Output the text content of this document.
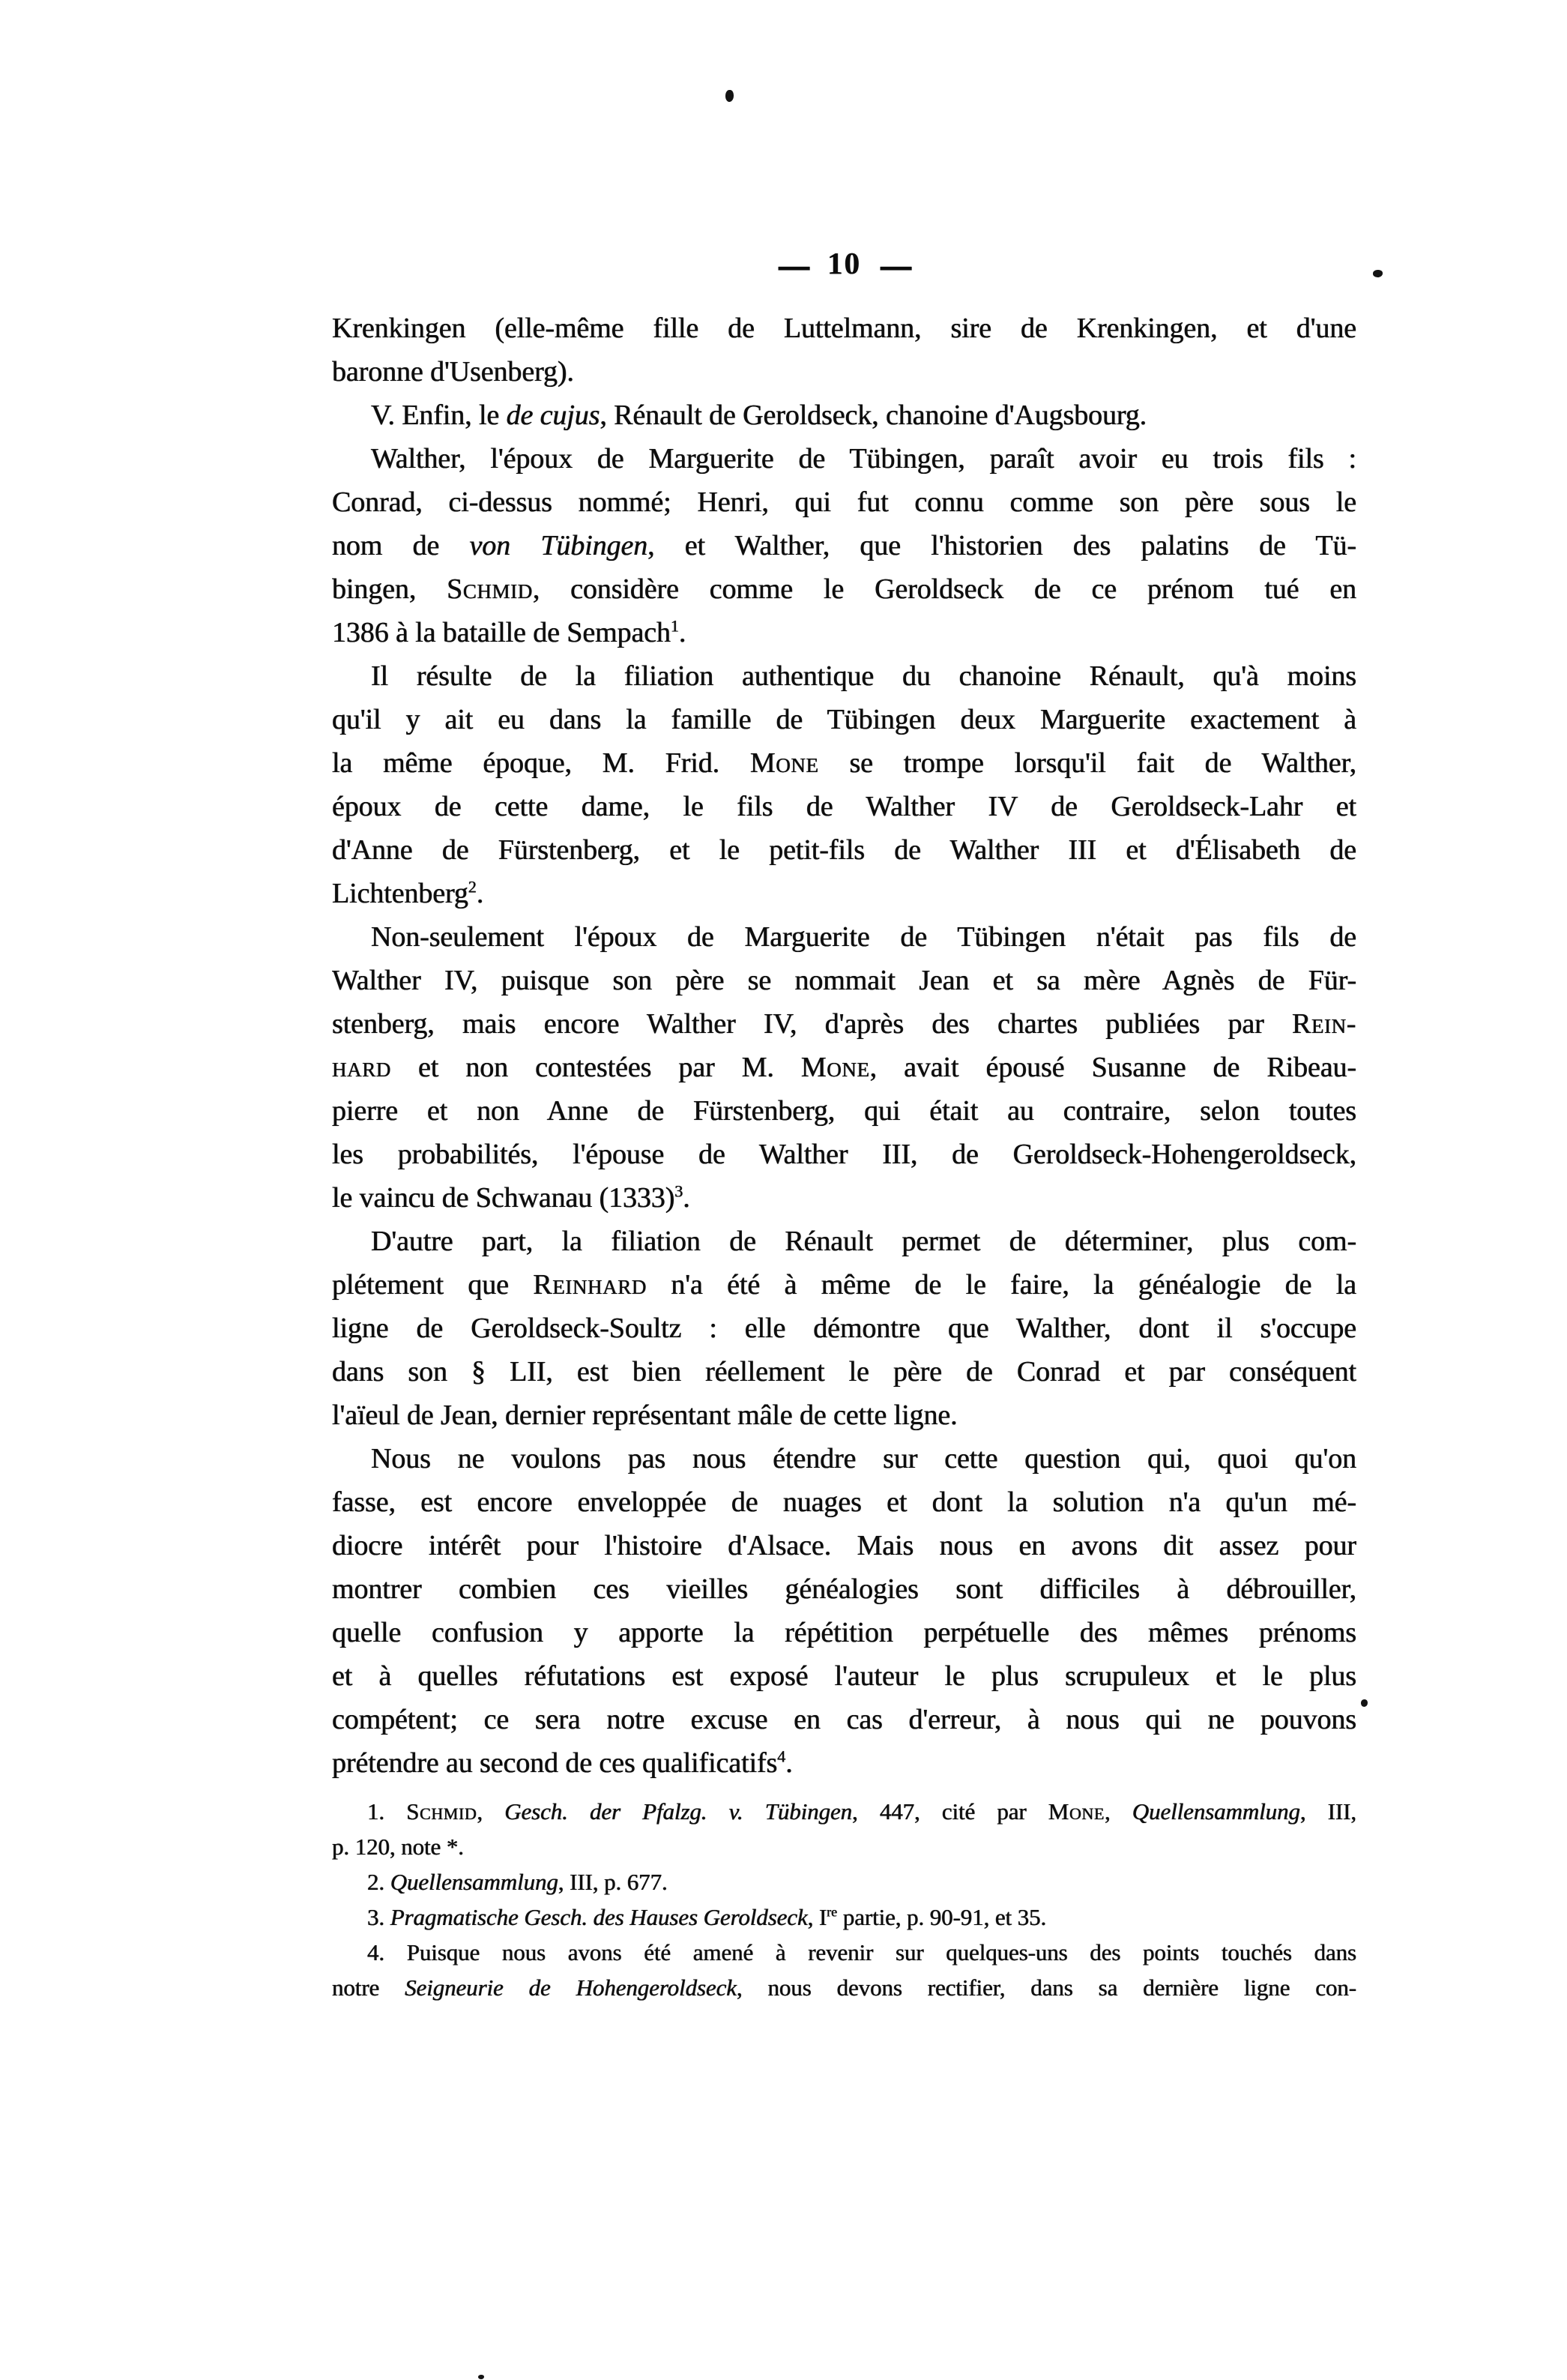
— 10 —
Krenkingen (elle-même fille de Luttelmann, sire de Krenkingen, et d'une
baronne d'Usenberg).
V. Enfin, le de cujus, Rénault de Geroldseck, chanoine d'Augsbourg.
Walther, l'époux de Marguerite de Tübingen, paraît avoir eu trois fils :
Conrad, ci-dessus nommé; Henri, qui fut connu comme son père sous le
nom de von Tübingen, et Walther, que l'historien des palatins de Tü-
bingen, Schmid, considère comme le Geroldseck de ce prénom tué en
1386 à la bataille de Sempach$^1$.
Il résulte de la filiation authentique du chanoine Rénault, qu'à moins
qu'il y ait eu dans la famille de Tübingen deux Marguerite exactement à
la même époque, M. Frid. Mone se trompe lorsqu'il fait de Walther,
époux de cette dame, le fils de Walther IV de Geroldseck-Lahr et
d'Anne de Fürstenberg, et le petit-fils de Walther III et d'Élisabeth de
Lichtenberg$^2$.
Non-seulement l'époux de Marguerite de Tübingen n'était pas fils de
Walther IV, puisque son père se nommait Jean et sa mère Agnès de Für-
stenberg, mais encore Walther IV, d'après des chartes publiées par Rein-
hard et non contestées par M. Mone, avait épousé Susanne de Ribeau-
pierre et non Anne de Fürstenberg, qui était au contraire, selon toutes
les probabilités, l'épouse de Walther III, de Geroldseck-Hohengeroldseck,
le vaincu de Schwanau $(1333)^3$.
D'autre part, la filiation de Rénault permet de déterminer, plus com-
plétement que Reinhard n'a été à même de le faire, la généalogie de la
ligne de Geroldseck-Soultz : elle démontre que Walther, dont il s'occupe
dans son § LII, est bien réellement le père de Conrad et par conséquent
l'aïeul de Jean, dernier représentant mâle de cette ligne.
Nous ne voulons pas nous étendre sur cette question qui, quoi qu'on
fasse, est encore enveloppée de nuages et dont la solution n'a qu'un mé-
diocre intérêt pour l'histoire d'Alsace. Mais nous en avons dit assez pour
montrer combien ces vieilles généalogies sont difficiles à débrouiller,
quelle confusion y apporte la répétition perpétuelle des mêmes prénoms
et à quelles réfutations est exposé l'auteur le plus scrupuleux et le plus
compétent; ce sera notre excuse en cas d'erreur, à nous qui ne pouvons
prétendre au second de ces qualificatifs$^4$.
1. Schmid, Gesch. der Pfalzg. v. Tübingen, 447, cité par Mone, Quellensammlung, III,
p. 120, note *.
2. Quellensammlung, III, p. 677.
3. Pragmatische Gesch. des Hauses Geroldseck, Ire partie, p. 90-91, et 35.
4. Puisque nous avons été amené à revenir sur quelques-uns des points touchés dans
notre Seigneurie de Hohengeroldseck, nous devons rectifier, dans sa dernière ligne con-
